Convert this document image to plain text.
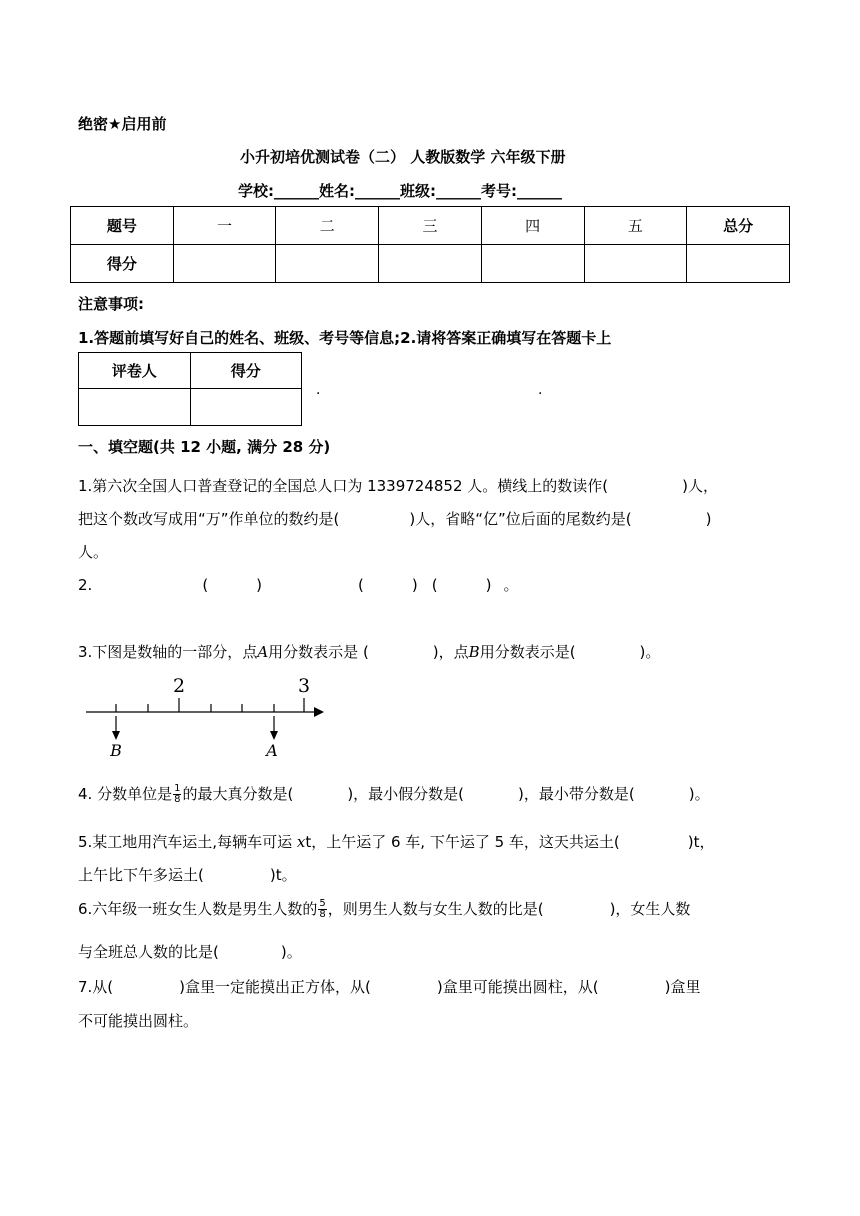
绝密★启用前
小升初培优测试卷（二） 人教版数学 六年级下册
学校:______姓名:______班级:______考号:______
题号	一	二	三	四	五	总分
得分						
注意事项:
1.答题前填写好自己的姓名、班级、考号等信息;2.请将答案正确填写在答题卡上
评卷人	得分

.	.
一、填空题(共 12 小题, 满分 28 分)
1.第六次全国人口普查登记的全国总人口为 1339724852 人。横线上的数读作(	)人，
把这个数改写成用“万”作单位的数约是(	)人，省略“亿”位后面的尾数约是(	)
人。
2.	(	)	(	) (	) 。
3.下图是数轴的一部分，点A用分数表示是 (	)，点B用分数表示是(	)。
2	3
B	A
4. 分数单位是 $\frac{1}{8}$ 的最大真分数是(	)，最小假分数是(	)，最小带分数是(	)。
5.某工地用汽车运土,每辆车可运 xt，上午运了 6 车, 下午运了 5 车，这天共运土(	)t，
上午比下午多运土(	)t。
6.六年级一班女生人数是男生人数的 $\frac{5}{8}$ ，则男生人数与女生人数的比是(	)，女生人数
与全班总人数的比是(	)。
7.从(	)盒里一定能摸出正方体，从(	)盒里可能摸出圆柱，从(	)盒里
不可能摸出圆柱。
